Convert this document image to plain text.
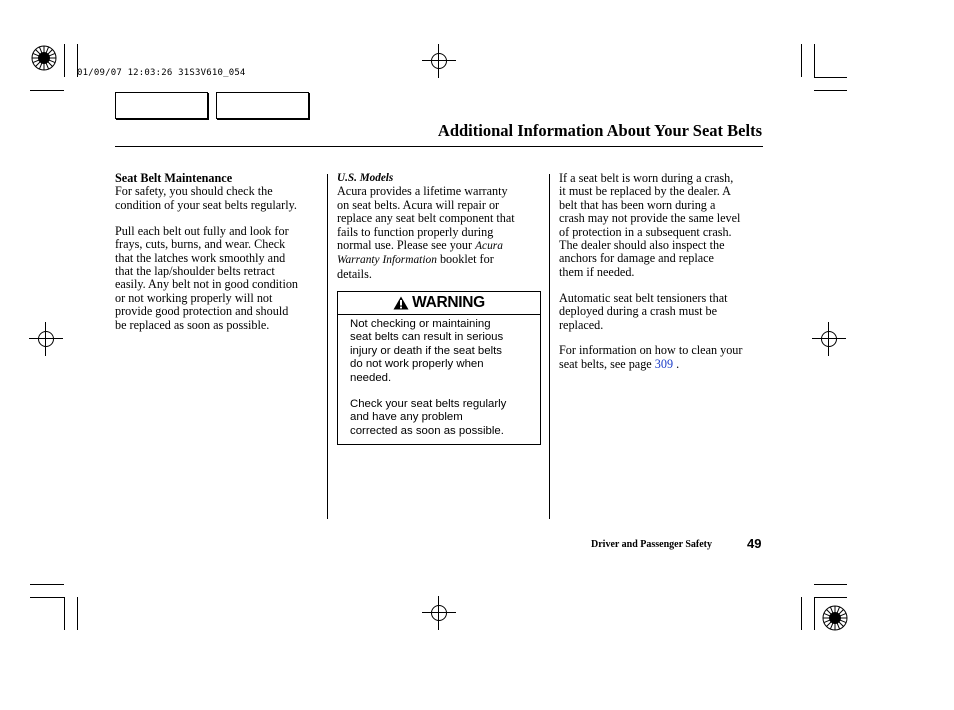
01/09/07 12:03:26 31S3V610_054
Additional Information About Your Seat Belts

Seat Belt Maintenance

For safety, you should check the
condition of your seat belts regularly.

Pull each belt out fully and look for
frays, cuts, burns, and wear. Check
that the latches work smoothly and
that the lap/shoulder belts retract
easily. Any belt not in good condition
or not working properly will not
provide good protection and should
be replaced as soon as possible.

U.S. Models

Acura provides a lifetime warranty
on seat belts. Acura will repair or
replace any seat belt component that
fails to function properly during
normal use. Please see your Acura
Warranty Information booklet for
details.

WARNING
Not checking or maintaining
seat belts can result in serious
injury or death if the seat belts
do not work properly when
needed.
Check your seat belts regularly
and have any problem
corrected as soon as possible.

If a seat belt is worn during a crash,
it must be replaced by the dealer. A
belt that has been worn during a
crash may not provide the same level
of protection in a subsequent crash.
The dealer should also inspect the
anchors for damage and replace
them if needed.

Automatic seat belt tensioners that
deployed during a crash must be
replaced.

For information on how to clean your
seat belts, see page 309 .

Driver and Passenger Safety	49
